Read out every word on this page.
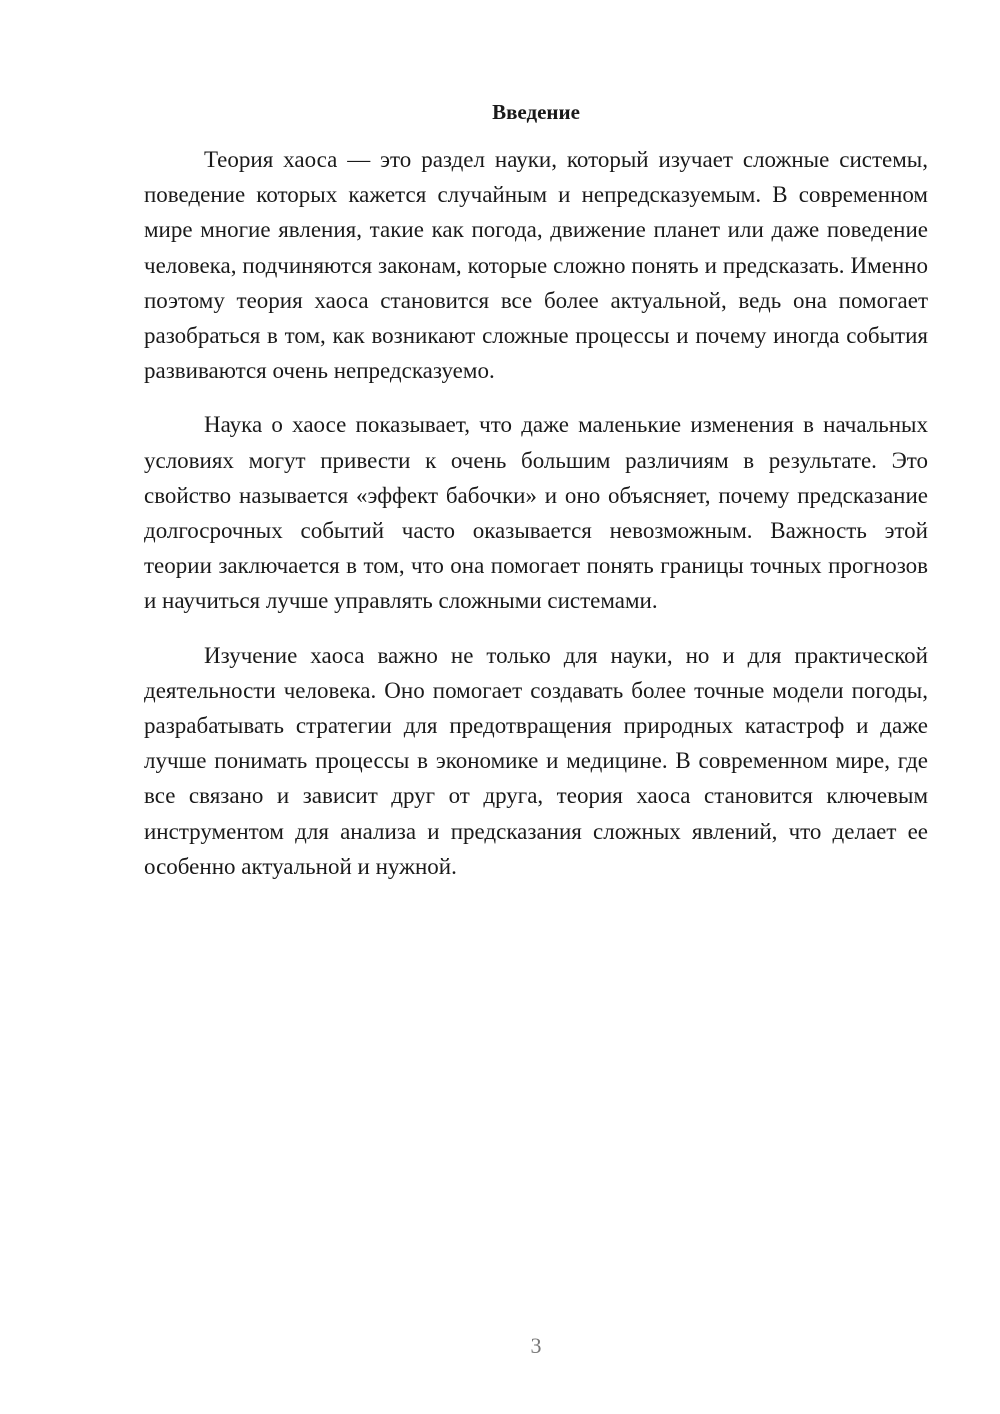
Введение

Теория хаоса — это раздел науки, который изучает сложные системы, поведение которых кажется случайным и непредсказуемым. В современном мире многие явления, такие как погода, движение планет или даже поведение человека, подчиняются законам, которые сложно понять и предсказать. Именно поэтому теория хаоса становится все более актуальной, ведь она помогает разобраться в том, как возникают сложные процессы и почему иногда события развиваются очень непредсказуемо.

Наука о хаосе показывает, что даже маленькие изменения в начальных условиях могут привести к очень большим различиям в результате. Это свойство называется «эффект бабочки» и оно объясняет, почему предсказание долгосрочных событий часто оказывается невозможным. Важность этой теории заключается в том, что она помогает понять границы точных прогнозов и научиться лучше управлять сложными системами.

Изучение хаоса важно не только для науки, но и для практической деятельности человека. Оно помогает создавать более точные модели погоды, разрабатывать стратегии для предотвращения природных катастроф и даже лучше понимать процессы в экономике и медицине. В современном мире, где все связано и зависит друг от друга, теория хаоса становится ключевым инструментом для анализа и предсказания сложных явлений, что делает ее особенно актуальной и нужной.

3
